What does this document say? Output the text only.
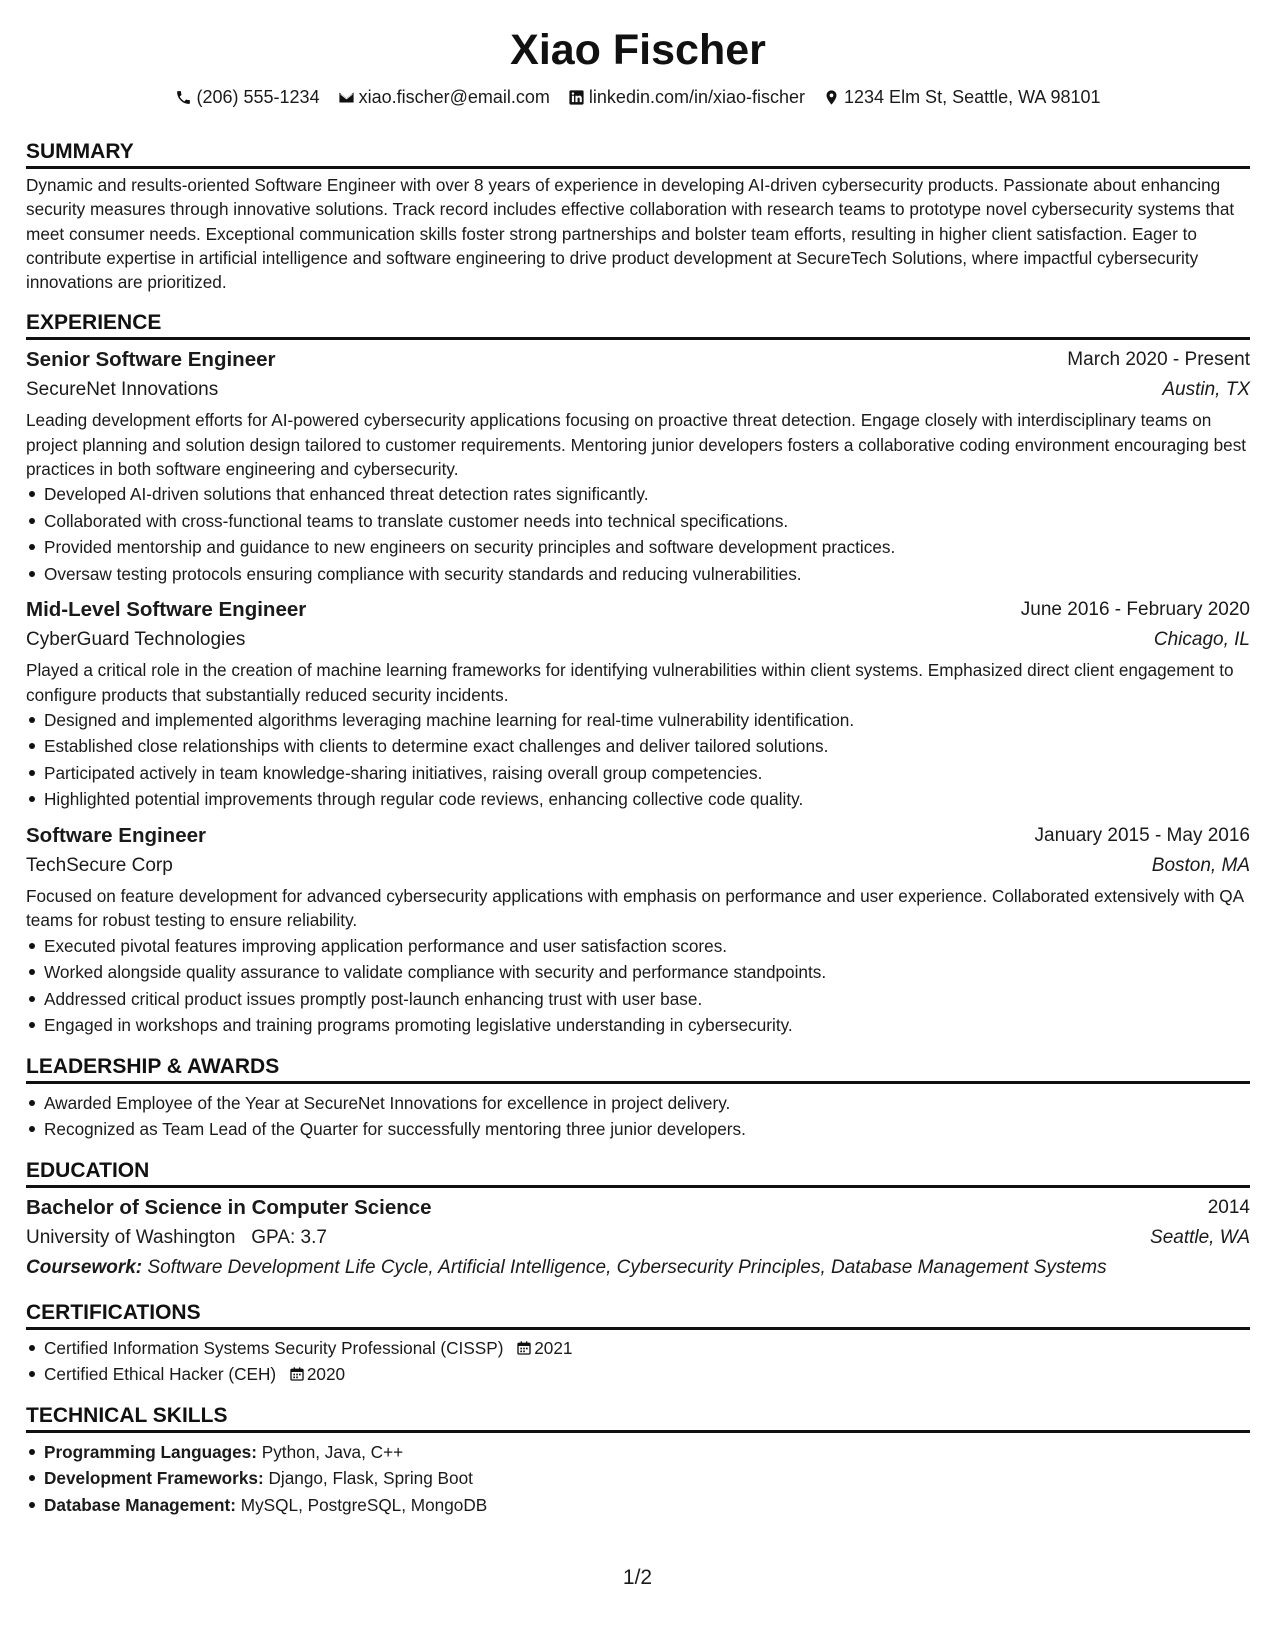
Xiao Fischer
(206) 555-1234 xiao.fischer@email.com linkedin.com/in/xiao-fischer 1234 Elm St, Seattle, WA 98101
SUMMARY

Dynamic and results-oriented Software Engineer with over 8 years of experience in developing AI-driven cybersecurity products. Passionate about enhancing security measures through innovative solutions. Track record includes effective collaboration with research teams to prototype novel cybersecurity systems that meet consumer needs. Exceptional communication skills foster strong partnerships and bolster team efforts, resulting in higher client satisfaction. Eager to contribute expertise in artificial intelligence and software engineering to drive product development at SecureTech Solutions, where impactful cybersecurity innovations are prioritized.

EXPERIENCE
Senior Software Engineer	March 2020 - Present
SecureNet Innovations	Austin, TX

Leading development efforts for AI-powered cybersecurity applications focusing on proactive threat detection. Engage closely with interdisciplinary teams on project planning and solution design tailored to customer requirements. Mentoring junior developers fosters a collaborative coding environment encouraging best practices in both software engineering and cybersecurity.

Developed AI-driven solutions that enhanced threat detection rates significantly.
Collaborated with cross-functional teams to translate customer needs into technical specifications.
Provided mentorship and guidance to new engineers on security principles and software development practices.
Oversaw testing protocols ensuring compliance with security standards and reducing vulnerabilities.
Mid-Level Software Engineer	June 2016 - February 2020
CyberGuard Technologies	Chicago, IL

Played a critical role in the creation of machine learning frameworks for identifying vulnerabilities within client systems. Emphasized direct client engagement to configure products that substantially reduced security incidents.

Designed and implemented algorithms leveraging machine learning for real-time vulnerability identification.
Established close relationships with clients to determine exact challenges and deliver tailored solutions.
Participated actively in team knowledge-sharing initiatives, raising overall group competencies.
Highlighted potential improvements through regular code reviews, enhancing collective code quality.
Software Engineer	January 2015 - May 2016
TechSecure Corp	Boston, MA

Focused on feature development for advanced cybersecurity applications with emphasis on performance and user experience. Collaborated extensively with QA teams for robust testing to ensure reliability.

Executed pivotal features improving application performance and user satisfaction scores.
Worked alongside quality assurance to validate compliance with security and performance standpoints.
Addressed critical product issues promptly post-launch enhancing trust with user base.
Engaged in workshops and training programs promoting legislative understanding in cybersecurity.
LEADERSHIP & AWARDS
Awarded Employee of the Year at SecureNet Innovations for excellence in project delivery.
Recognized as Team Lead of the Quarter for successfully mentoring three junior developers.
EDUCATION
Bachelor of Science in Computer Science	2014
University of Washington GPA: 3.7	Seattle, WA
Coursework: Software Development Life Cycle, Artificial Intelligence, Cybersecurity Principles, Database Management Systems
CERTIFICATIONS
Certified Information Systems Security Professional (CISSP) 2021
Certified Ethical Hacker (CEH) 2020
TECHNICAL SKILLS
Programming Languages: Python, Java, C++
Development Frameworks: Django, Flask, Spring Boot
Database Management: MySQL, PostgreSQL, MongoDB
1/2
